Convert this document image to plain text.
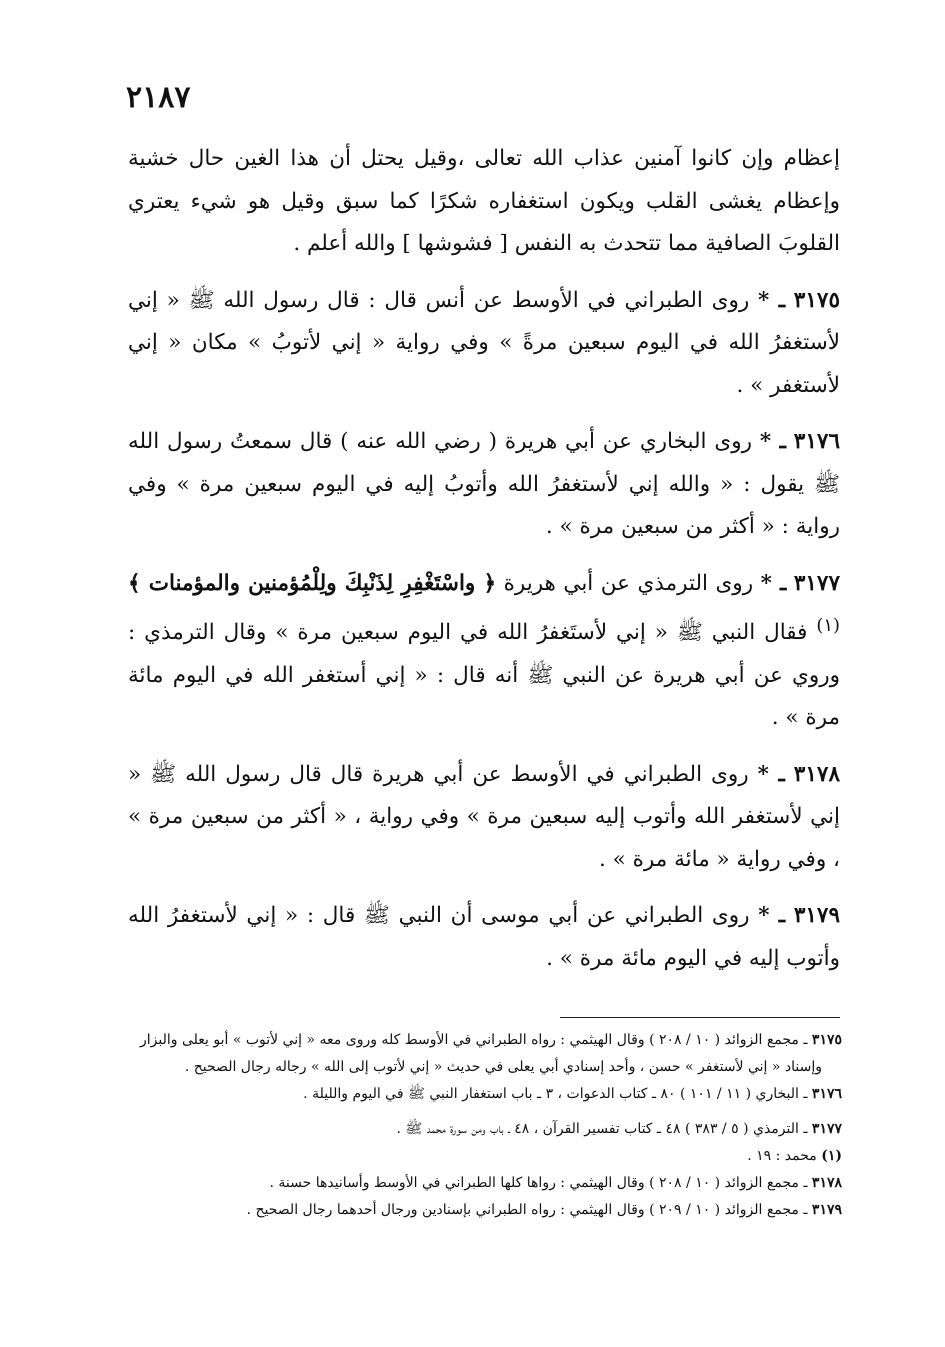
٢١٨٧

إعظام وإن كانوا آمنين عذاب الله تعالى ،وقيل يحتل أن هذا الغين حال خشية وإعظام يغشى القلب ويكون استغفاره شكرًا كما سبق وقيل هو شيء يعتري القلوبَ الصافية مما تتحدث به النفس [ فشوشها ] والله أعلم .

٣١٧٥ ـ * روى الطبراني في الأوسط عن أنس قال : قال رسول الله ﷺ « إني لأستغفرُ الله في اليوم سبعين مرةً » وفي رواية « إني لأتوبُ » مكان « إني لأستغفر » .

٣١٧٦ ـ * روى البخاري عن أبي هريرة ( رضي الله عنه ) قال سمعتُ رسول الله ﷺ يقول : « والله إني لأستغفرُ الله وأتوبُ إليه في اليوم سبعين مرة » وفي رواية : « أكثر من سبعين مرة » .

٣١٧٧ ـ * روى الترمذي عن أبي هريرة ﴿ واسْتَغْفِرِ لِذَنْبِكَ ولِلْمُؤمنين والمؤمنات ﴾ $^{(١)}$ فقال النبي ﷺ « إني لأستَغفرُ الله في اليوم سبعين مرة » وقال الترمذي : وروي عن أبي هريرة عن النبي ﷺ أنه قال : « إني أستغفر الله في اليوم مائة مرة » .

٣١٧٨ ـ * روى الطبراني في الأوسط عن أبي هريرة قال قال رسول الله ﷺ « إني لأستغفر الله وأتوب إليه سبعين مرة » وفي رواية ، « أكثر من سبعين مرة » ، وفي رواية « مائة مرة » .

٣١٧٩ ـ * روى الطبراني عن أبي موسى أن النبي ﷺ قال : « إني لأستغفرُ الله وأتوب إليه في اليوم مائة مرة » .

٣١٧٥ ـ مجمع الزوائد ( ١٠ / ٢٠٨ ) وقال الهيثمي : رواه الطبراني في الأوسط كله وروى معه « إني لأتوب » أبو يعلى والبزار

وإسناد « إني لأستغفر » حسن ، وأحد إسنادي أبي يعلى في حديث « إني لأتوب إلى الله » رجاله رجال الصحيح .

٣١٧٦ ـ البخاري ( ١١ / ١٠١ ) ٨٠ ـ كتاب الدعوات ، ٣ ـ باب استغفار النبي ﷺ في اليوم والليلة .

٣١٧٧ ـ الترمذي ( ٥ / ٣٨٣ ) ٤٨ ـ كتاب تفسير القرآن ، ٤٨ ـ باب ومن سورة محمد ﷺ .

(١) محمد : ١٩ .

٣١٧٨ ـ مجمع الزوائد ( ١٠ / ٢٠٨ ) وقال الهيثمي : رواها كلها الطبراني في الأوسط وأسانيدها حسنة .

٣١٧٩ ـ مجمع الزوائد ( ١٠ / ٢٠٩ ) وقال الهيثمي : رواه الطبراني بإسنادين ورجال أحدهما رجال الصحيح .
